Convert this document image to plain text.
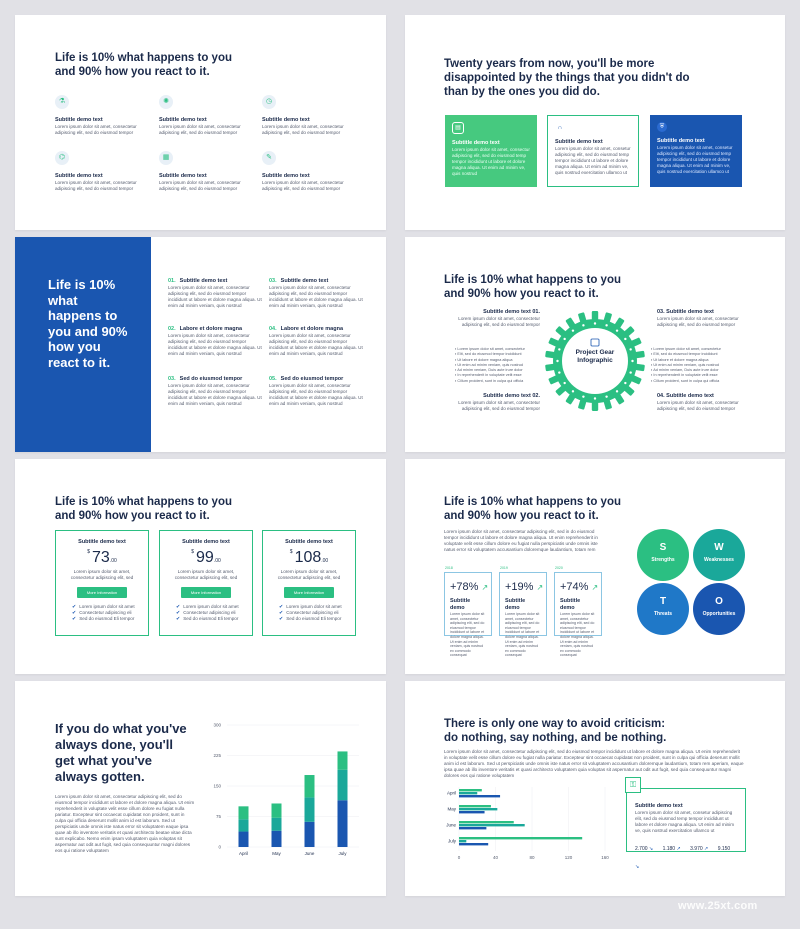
Life is 10% what happens to you
and 90% how you react to it.
⚗
Subtitle demo text
Lorem ipsum dolor sit amet, consectetur adipiscing elit, sed do eiusmod tempor
✺
Subtitle demo text
Lorem ipsum dolor sit amet, consectetur adipiscing elit, sed do eiusmod tempor
◷
Subtitle demo text
Lorem ipsum dolor sit amet, consectetur adipiscing elit, sed do eiusmod tempor
⌬
Subtitle demo text
Lorem ipsum dolor sit amet, consectetur adipiscing elit, sed do eiusmod tempor
▦
Subtitle demo text
Lorem ipsum dolor sit amet, consectetur adipiscing elit, sed do eiusmod tempor
✎
Subtitle demo text
Lorem ipsum dolor sit amet, consectetur adipiscing elit, sed do eiusmod tempor
Twenty years from now, you'll be more
disappointed by the things that you didn't do
than by the ones you did do.
▤
Subtitle demo text
Lorem ipsum dolor sit amet, consectur adipiscing elit, sed do eiusmod temp tempor incididunt ut labore et dolore magna aliqua. Ut enim ad minim ve, quis nostrud
∩
Subtitle demo text
Lorem ipsum dolor sit amet, consetur adipiscing elit, sed do eiusmod temp tempor incididunt ut labore et dolore magna aliqua. Ut enim ad minim ve, quis nostrud exercitation ullamco ut
⛨
Subtitle demo text
Lorem ipsum dolor sit amet, consetur adipiscing elit, sed do eiusmod temp tempor incididunt ut labore et dolore magna aliqua. Ut enim ad minim ve, quis nostrud exercitation ullamco ut
Life is 10% what happens to you and 90% how you react to it.
01. Subtitle demo text
Lorem ipsum dolor sit amet, consectetur adipiscing elit, sed do eiusmod tempor incididunt ut labore et dolore magna aliqua. Ut enim ad minim veniam, quis nostrud
03. Subtitle demo text
Lorem ipsum dolor sit amet, consectetur adipiscing elit, sed do eiusmod tempor incididunt ut labore et dolore magna aliqua. Ut enim ad minim veniam, quis nostrud
02. Labore et dolore magna
Lorem ipsum dolor sit amet, consectetur adipiscing elit, sed do eiusmod tempor incididunt ut labore et dolore magna aliqua. Ut enim ad minim veniam, quis nostrud
04. Labore et dolore magna
Lorem ipsum dolor sit amet, consectetur adipiscing elit, sed do eiusmod tempor incididunt ut labore et dolore magna aliqua. Ut enim ad minim veniam, quis nostrud
03. Sed do eiusmod tempor
Lorem ipsum dolor sit amet, consectetur adipiscing elit, sed do eiusmod tempor incididunt ut labore et dolore magna aliqua. Ut enim ad minim veniam, quis nostrud
05. Sed do eiusmod tempor
Lorem ipsum dolor sit amet, consectetur adipiscing elit, sed do eiusmod tempor incididunt ut labore et dolore magna aliqua. Ut enim ad minim veniam, quis nostrud
Life is 10% what happens to you
and 90% how you react to it.
Subtitle demo text 01.
Lorem ipsum dolor sit amet, consectetur adipiscing elit, sed do eiusmod tempor
03. Subtitle demo text
Lorem ipsum dolor sit amet, consectetur adipiscing elit, sed do eiusmod tempor
Subtitle demo text 02.
Lorem ipsum dolor sit amet, consectetur adipiscing elit, sed do eiusmod tempor
04. Subtitle demo text
Lorem ipsum dolor sit amet, consectetur adipiscing elit, sed do eiusmod tempor
▪ Lorem ipsum dolor sit amet, consectetur
▪ Elit, sed do eiusmod tempor incididunt
▪ Ut labore et dolore magna aliqua
▪ Ut enim ad minim veniam, quis nostrud
▪ Ad minim veniam, Duis aute irure dolor
▪ In reprehenderit in voluptate velit esse
▪ Cillum proident, sunt in culpa qui officia
▪ Lorem ipsum dolor sit amet, consectetur
▪ Elit, sed do eiusmod tempor incididunt
▪ Ut labore et dolore magna aliqua
▪ Ut enim ad minim veniam, quis nostrud
▪ Ad minim veniam, Duis aute irure dolor
▪ In reprehenderit in voluptate velit esse
▪ Cillum proident, sunt in culpa qui officia
Project Gear
Infographic
Life is 10% what happens to you
and 90% how you react to it.
Subtitle demo text
$ 73.00
Lorem ipsum dolor sit amet, consectetur adipiscing elit, sed
More Information
✔ Lorem ipsum dolor sit amet
✔ Consectetur adipiscing eli
✔ Sed do eiusmod Eli tempor
Subtitle demo text
$ 99.00
Lorem ipsum dolor sit amet, consectetur adipiscing elit, sed
More Information
✔ Lorem ipsum dolor sit amet
✔ Consectetur adipiscing eli
✔ Sed do eiusmod Eli tempor
Subtitle demo text
$ 108.00
Lorem ipsum dolor sit amet, consectetur adipiscing elit, sed
More Information
✔ Lorem ipsum dolor sit amet
✔ Consectetur adipiscing eli
✔ Sed do eiusmod Eli tempor
Life is 10% what happens to you
and 90% how you react to it.
Lorem ipsum dolor sit amet, consectetur adipiscing elit, sed in do eiusmod tempor incididunt ut labore et dolore magna aliqua. Ut enim reprehenderit in voluptate velit esse cillum dolore eu fugiat nulla perspiciatis unde omnis iste natus error sit voluptatem accusantium doloremque laudantium, totam rem
2018
+78% ↗
Subtitle demo
Lorem ipsum dolor sit amet, consectetur adipiscing elit, sed do eiusmod tempor incididunt ut labore et dolore magna aliqua. Ut enim ad minim veniam, quis nostrud ex commodo consequat
2019
+19% ↗
Subtitle demo
Lorem ipsum dolor sit amet, consectetur adipiscing elit, sed do eiusmod tempor incididunt ut labore et dolore magna aliqua. Ut enim ad minim veniam, quis nostrud ex commodo consequat
2020
+74% ↗
Subtitle demo
Lorem ipsum dolor sit amet, consectetur adipiscing elit, sed do eiusmod tempor incididunt ut labore et dolore magna aliqua. Ut enim ad minim veniam, quis nostrud ex commodo consequat
S
Strengths
W
Weaknesses
T
Threats
O
Opportunities
If you do what you've
always done, you'll
get what you've
always gotten.
Lorem ipsum dolor sit amet, consectetur adipiscing elit, sed do eiusmod tempor incididunt ut labore et dolore magna aliqua. Ut enim reprehenderit in voluptate velit esse cillum dolore eu fugiat nulla pariatur. Excepteur sint occaecat cupidatat non proident, sunt in culpa qui officia deserunt mollit anim id est laborum. Sed ut perspiciatis unde omnis iste natus error sit voluptatem eaque ipsa quae ab illo inventore veritatis et quasi architecto beatae vitae dicta sunt explicabo. Nemo enim ipsam voluptatem quia voluptas sit aspernatur aut odit aut fugit, sed quia consequuntur magni dolores eos qui ratione voluptatem
0
75
150
225
300
April	May	June	July
There is only one way to avoid criticism:
do nothing, say nothing, and be nothing.
Lorem ipsum dolor sit amet, consectetur adipiscing elit, sed do eiusmod tempor incididunt ut labore et dolore magna aliqua. Ut enim reprehenderit in voluptate velit esse cillum dolore eu fugiat nulla pariatur. Excepteur sint occaecat cupidatat non proident, sunt in culpa qui officia deserunt mollit anim id est laborum. Sed ut perspiciatis unde omnis iste natus error sit voluptatem accusantium doloremque laudantium, totam rem aperiam, eaque ipsa quae ab illo inventore veritatis et quasi architecto voluptatem quia voluptas sit aspernatur aut odit aut fugit, sed quia consequuntur magni dolores eos qui ratione voluptatem
0	40	80	120	160
April
May
June
July
⚿
Subtitle demo text
Lorem ipsum dolor sit amet, consetur adipiscing elit, sed do eiusmod temp tempor incididunt ut labore et dolore magna aliqua. Ut enim ad minim ve, quis nostrud exercitation ullamco ut
2.700 ↘ 1.180 ↗ 3.970 ↗ 9.150 ↘
www.25xt.com
